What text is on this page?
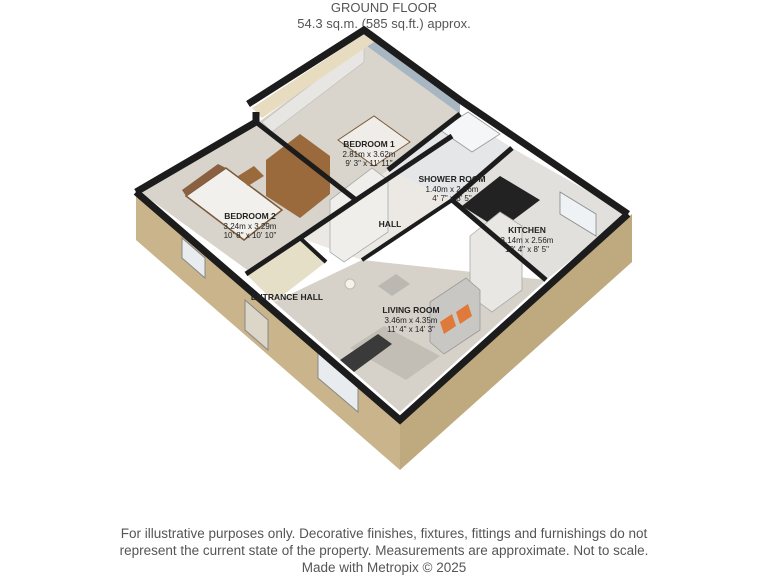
GROUND FLOOR
54.3 sq.m. (585 sq.ft.) approx.
BEDROOM 1
2.81m x 3.62m
9' 3" x 11' 11"
SHOWER ROOM
1.40m x 2.56m
4' 7" x 8' 5"
BEDROOM 2
3.24m x 3.29m
10' 8" x 10' 10"
HALL
KITCHEN
3.14m x 2.56m
10' 4" x 8' 5"
ENTRANCE HALL
LIVING ROOM
3.46m x 4.35m
11' 4" x 14' 3"
For illustrative purposes only. Decorative finishes, fixtures, fittings and furnishings do not
represent the current state of the property. Measurements are approximate. Not to scale.
Made with Metropix © 2025
